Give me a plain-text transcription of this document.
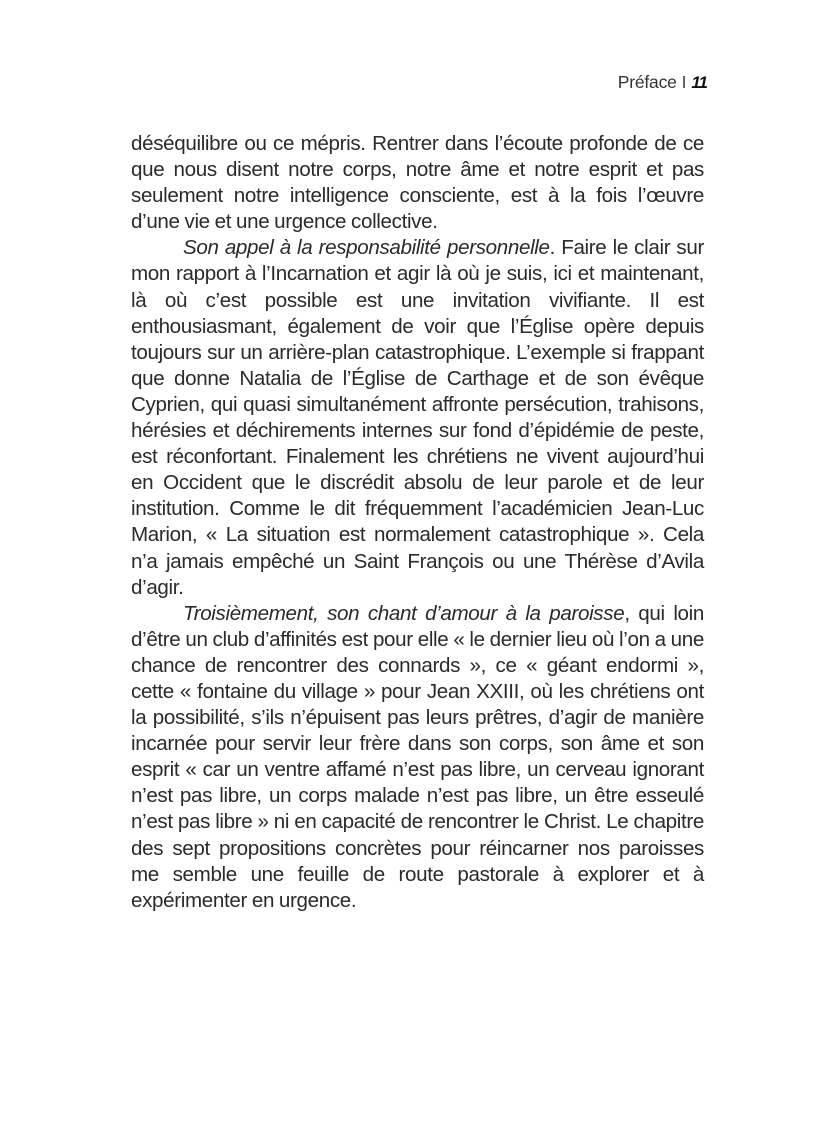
Préface I 11

déséquilibre ou ce mépris. Rentrer dans l’écoute profonde de ce que nous disent notre corps, notre âme et notre esprit et pas seulement notre intelligence consciente, est à la fois l’œuvre d’une vie et une urgence collective.

Son appel à la responsabilité personnelle. Faire le clair sur mon rapport à l’Incarnation et agir là où je suis, ici et maintenant, là où c’est possible est une invitation vivifiante. Il est enthousiasmant, également de voir que l’Église opère depuis toujours sur un arrière-plan catastrophique. L’exemple si frappant que donne Natalia de l’Église de Carthage et de son évêque Cyprien, qui quasi simultanément affronte persécution, trahisons, hérésies et déchirements internes sur fond d’épidémie de peste, est réconfortant. Finalement les chrétiens ne vivent aujourd’hui en Occident que le discrédit absolu de leur parole et de leur institution. Comme le dit fréquemment l’académicien Jean-Luc Marion, « La situation est normalement catastrophique ». Cela n’a jamais empêché un Saint François ou une Thérèse d’Avila d’agir.

Troisièmement, son chant d’amour à la paroisse, qui loin d’être un club d’affinités est pour elle « le dernier lieu où l’on a une chance de rencontrer des connards », ce « géant endormi », cette « fontaine du village » pour Jean XXIII, où les chrétiens ont la possibilité, s’ils n’épuisent pas leurs prêtres, d’agir de manière incarnée pour servir leur frère dans son corps, son âme et son esprit « car un ventre affamé n’est pas libre, un cerveau ignorant n’est pas libre, un corps malade n’est pas libre, un être esseulé n’est pas libre » ni en capacité de rencontrer le Christ. Le chapitre des sept propositions concrètes pour réincarner nos paroisses me semble une feuille de route pastorale à explorer et à expérimenter en urgence.
